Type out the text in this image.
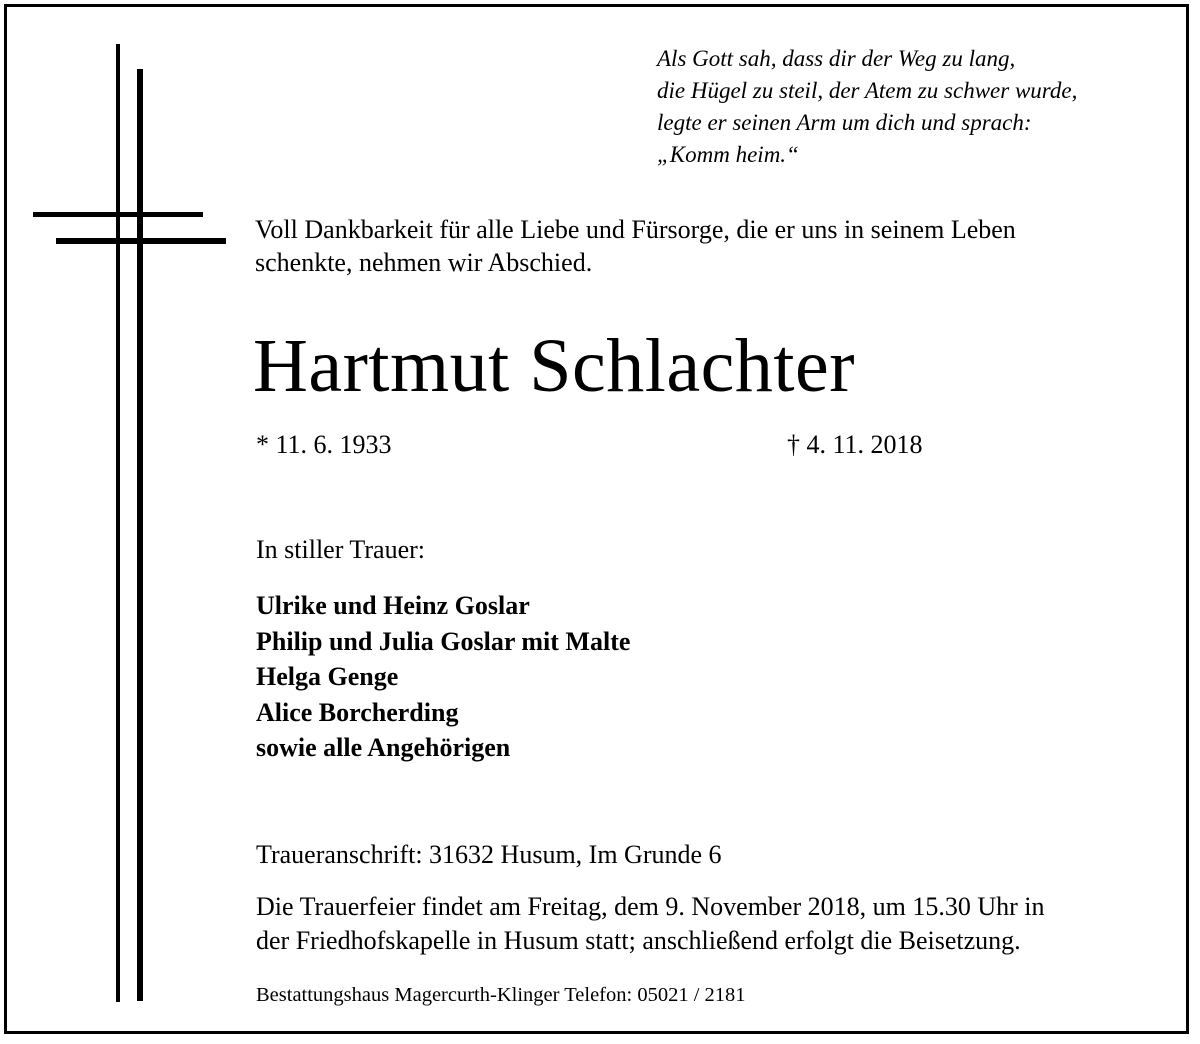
Als Gott sah, dass dir der Weg zu lang,
die Hügel zu steil, der Atem zu schwer wurde,
legte er seinen Arm um dich und sprach:
„Komm heim.“
Voll Dankbarkeit für alle Liebe und Fürsorge, die er uns in seinem Leben
schenkte, nehmen wir Abschied.
Hartmut Schlachter
* 11. 6. 1933	† 4. 11. 2018
In stiller Trauer:
Ulrike und Heinz Goslar
Philip und Julia Goslar mit Malte
Helga Genge
Alice Borcherding
sowie alle Angehörigen
Traueranschrift: 31632 Husum, Im Grunde 6
Die Trauerfeier findet am Freitag, dem 9. November 2018, um 15.30 Uhr in
der Friedhofskapelle in Husum statt; anschließend erfolgt die Beisetzung.
Bestattungshaus Magercurth-Klinger Telefon: 05021 / 2181
